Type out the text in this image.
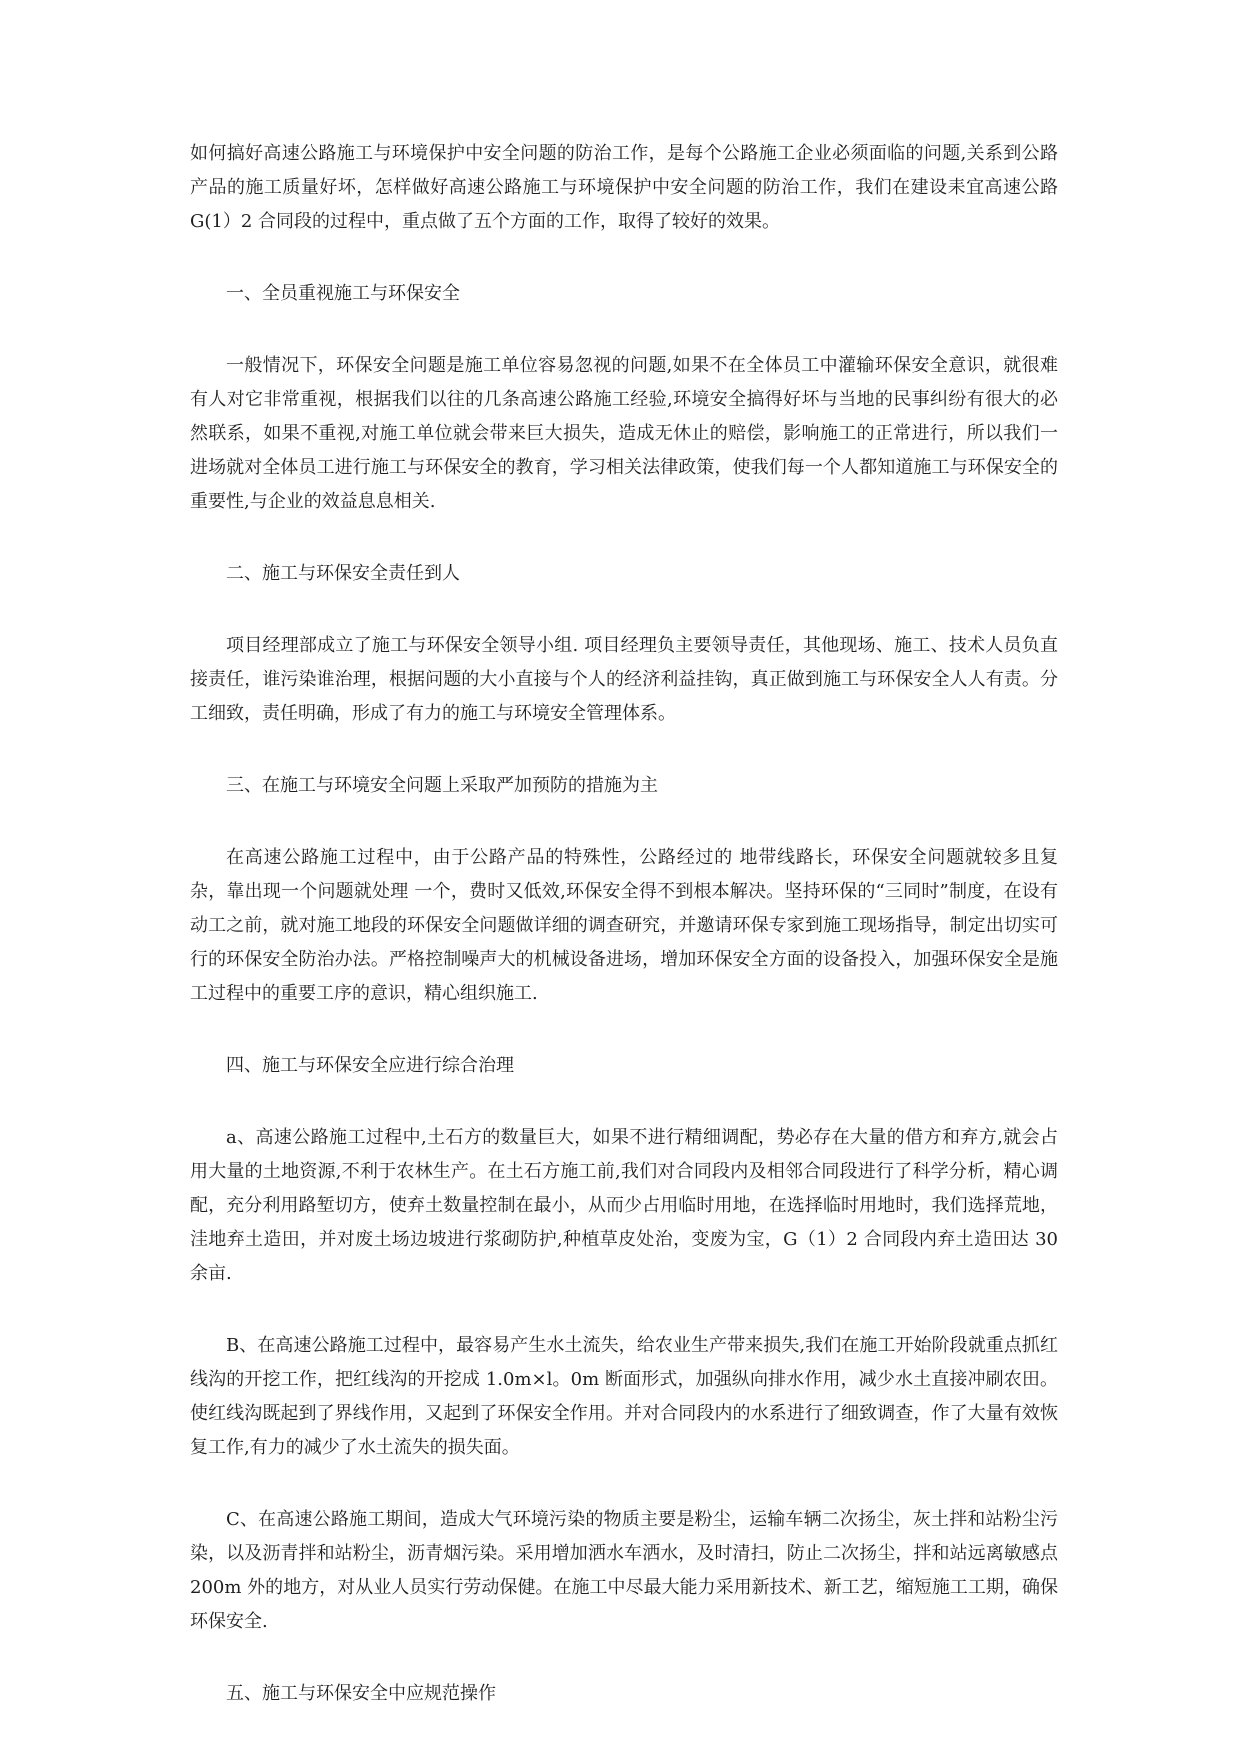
如何搞好高速公路施工与环境保护中安全问题的防治工作，是每个公路施工企业必须面临的问题,关系到公路产品的施工质量好坏，怎样做好高速公路施工与环境保护中安全问题的防治工作，我们在建设耒宜高速公路 G(1）2 合同段的过程中，重点做了五个方面的工作，取得了较好的效果。

一、全员重视施工与环保安全

一般情况下，环保安全问题是施工单位容易忽视的问题,如果不在全体员工中灌输环保安全意识，就很难有人对它非常重视，根据我们以往的几条高速公路施工经验,环境安全搞得好坏与当地的民事纠纷有很大的必然联系，如果不重视,对施工单位就会带来巨大损失，造成无休止的赔偿，影响施工的正常进行，所以我们一进场就对全体员工进行施工与环保安全的教育，学习相关法律政策，使我们每一个人都知道施工与环保安全的重要性,与企业的效益息息相关.

二、施工与环保安全责任到人

项目经理部成立了施工与环保安全领导小组. 项目经理负主要领导责任，其他现场、施工、技术人员负直接责任，谁污染谁治理，根据问题的大小直接与个人的经济利益挂钩，真正做到施工与环保安全人人有责。分工细致，责任明确，形成了有力的施工与环境安全管理体系。

三、在施工与环境安全问题上采取严加预防的措施为主

在高速公路施工过程中，由于公路产品的特殊性，公路经过的 地带线路长，环保安全问题就较多且复杂，靠出现一个问题就处理 一个，费时又低效,环保安全得不到根本解决。坚持环保的“三同时”制度，在设有动工之前，就对施工地段的环保安全问题做详细的调查研究，并邀请环保专家到施工现场指导，制定出切实可行的环保安全防治办法。严格控制噪声大的机械设备进场，增加环保安全方面的设备投入，加强环保安全是施工过程中的重要工序的意识，精心组织施工.

四、施工与环保安全应进行综合治理

a、高速公路施工过程中,土石方的数量巨大，如果不进行精细调配，势必存在大量的借方和弃方,就会占用大量的土地资源,不利于农林生产。在土石方施工前,我们对合同段内及相邻合同段进行了科学分析，精心调配，充分利用路堑切方，使弃土数量控制在最小，从而少占用临时用地，在选择临时用地时，我们选择荒地，洼地弃土造田，并对废土场边坡进行浆砌防护,种植草皮处治，变废为宝，G（1）2 合同段内弃土造田达 30 余亩.

B、在高速公路施工过程中，最容易产生水土流失，给农业生产带来损失,我们在施工开始阶段就重点抓红线沟的开挖工作，把红线沟的开挖成 1.0m×l。0m 断面形式，加强纵向排水作用，减少水土直接冲刷农田。使红线沟既起到了界线作用，又起到了环保安全作用。并对合同段内的水系进行了细致调查，作了大量有效恢复工作,有力的减少了水土流失的损失面。

C、在高速公路施工期间，造成大气环境污染的物质主要是粉尘，运输车辆二次扬尘，灰土拌和站粉尘污染，以及沥青拌和站粉尘，沥青烟污染。采用增加洒水车洒水，及时清扫，防止二次扬尘，拌和站远离敏感点 200m 外的地方，对从业人员实行劳动保健。在施工中尽最大能力采用新技术、新工艺，缩短施工工期，确保环保安全.

五、施工与环保安全中应规范操作
